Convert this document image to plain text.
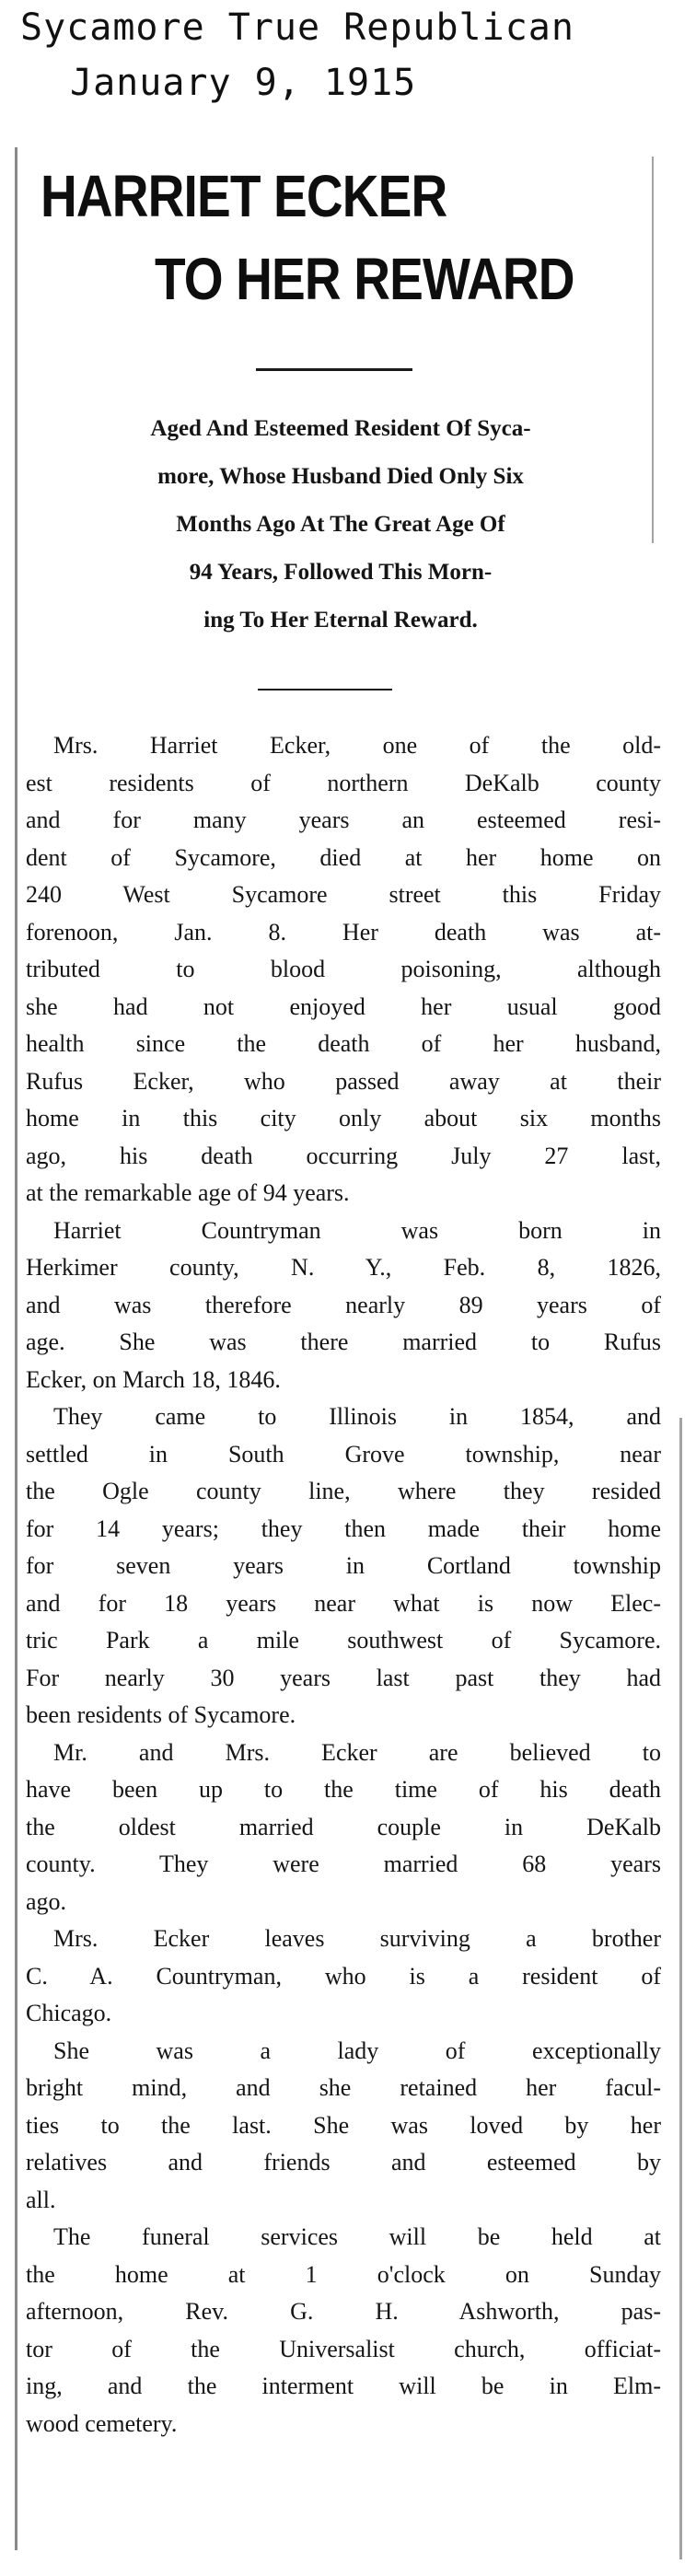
Sycamore True Republican
January 9, 1915
HARRIET ECKER
TO HER REWARD
Aged And Esteemed Resident Of Syca-
more, Whose Husband Died Only Six
Months Ago At The Great Age Of
94 Years, Followed This Morn-
ing To Her Eternal Reward.
Mrs. Harriet Ecker, one of the old-
est residents of northern DeKalb county
and for many years an esteemed resi-
dent of Sycamore, died at her home on
240 West Sycamore street this Friday
forenoon, Jan. 8. Her death was at-
tributed to blood poisoning, although
she had not enjoyed her usual good
health since the death of her husband,
Rufus Ecker, who passed away at their
home in this city only about six months
ago, his death occurring July 27 last,
at the remarkable age of 94 years.
Harriet Countryman was born in
Herkimer county, N. Y., Feb. 8, 1826,
and was therefore nearly 89 years of
age. She was there married to Rufus
Ecker, on March 18, 1846.
They came to Illinois in 1854, and
settled in South Grove township, near
the Ogle county line, where they resided
for 14 years; they then made their home
for seven years in Cortland township
and for 18 years near what is now Elec-
tric Park a mile southwest of Sycamore.
For nearly 30 years last past they had
been residents of Sycamore.
Mr. and Mrs. Ecker are believed to
have been up to the time of his death
the oldest married couple in DeKalb
county. They were married 68 years
ago.
Mrs. Ecker leaves surviving a brother
C. A. Countryman, who is a resident of
Chicago.
She was a lady of exceptionally
bright mind, and she retained her facul-
ties to the last. She was loved by her
relatives and friends and esteemed by
all.
The funeral services will be held at
the home at 1 o'clock on Sunday
afternoon, Rev. G. H. Ashworth, pas-
tor of the Universalist church, officiat-
ing, and the interment will be in Elm-
wood cemetery.
